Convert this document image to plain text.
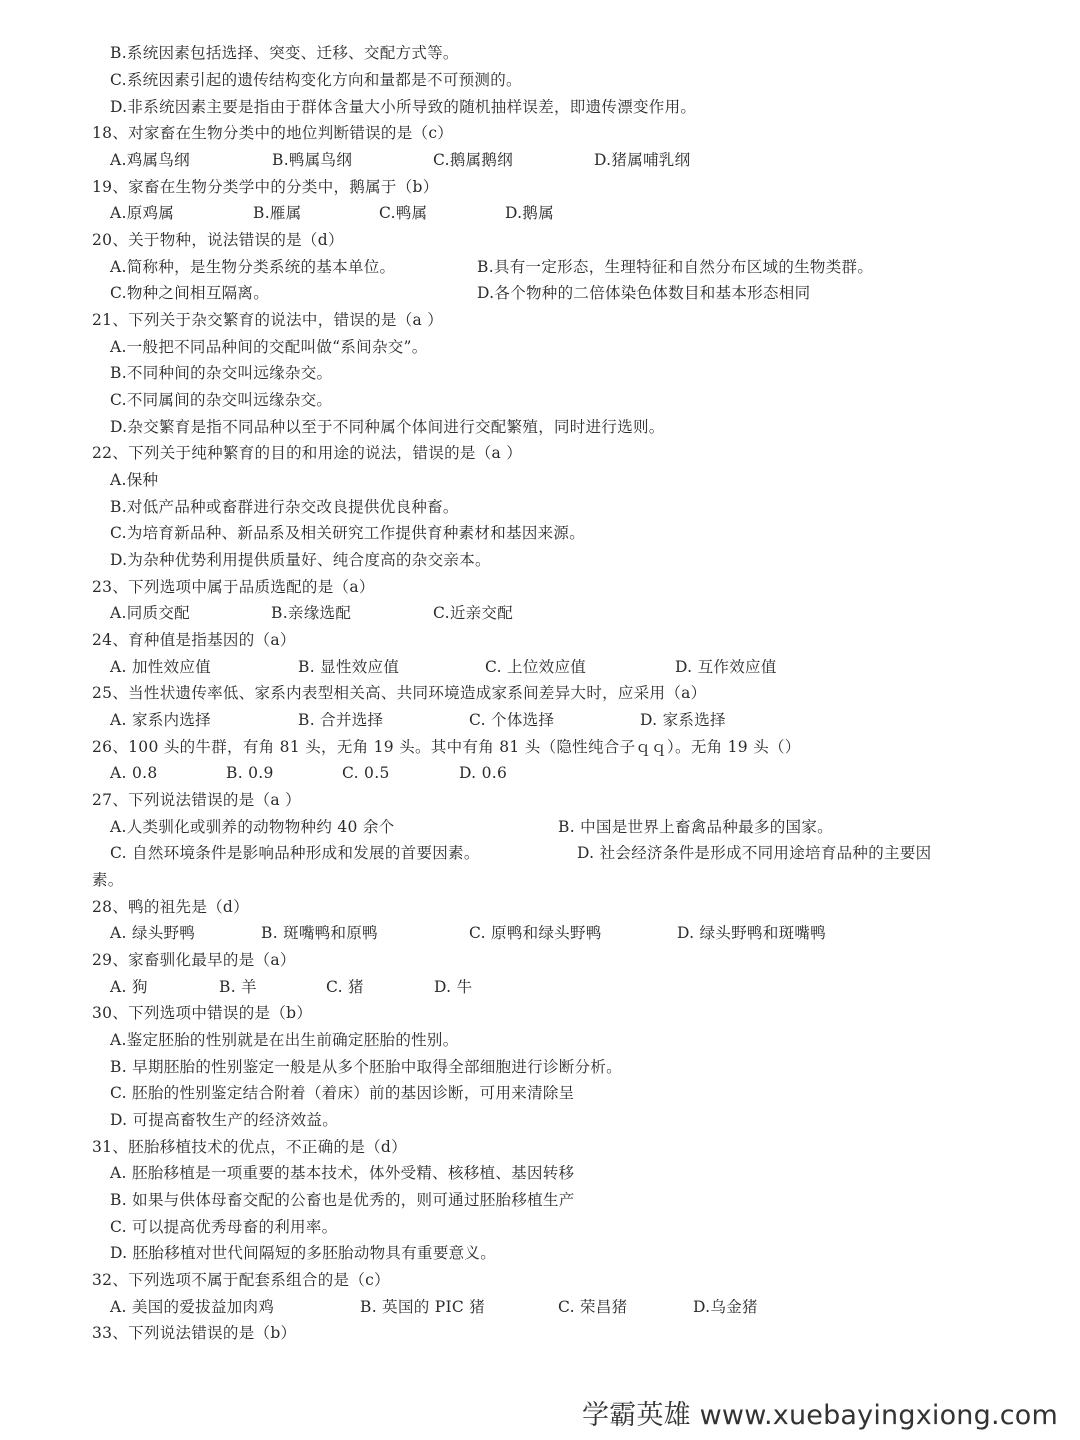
B.系统因素包括选择、突变、迁移、交配方式等。
C.系统因素引起的遗传结构变化方向和量都是不可预测的。
D.非系统因素主要是指由于群体含量大小所导致的随机抽样误差，即遗传漂变作用。
18、对家畜在生物分类中的地位判断错误的是（c）
A.鸡属鸟纲	B.鸭属鸟纲	C.鹅属鹅纲	D.猪属哺乳纲
19、家畜在生物分类学中的分类中，鹅属于（b）
A.原鸡属	B.雁属	C.鸭属	D.鹅属
20、关于物种，说法错误的是（d）
A.简称种，是生物分类系统的基本单位。	B.具有一定形态，生理特征和自然分布区域的生物类群。
C.物种之间相互隔离。	D.各个物种的二倍体染色体数目和基本形态相同
21、下列关于杂交繁育的说法中，错误的是（a ）
A.一般把不同品种间的交配叫做“系间杂交”。
B.不同种间的杂交叫远缘杂交。
C.不同属间的杂交叫远缘杂交。
D.杂交繁育是指不同品种以至于不同种属个体间进行交配繁殖，同时进行选则。
22、下列关于纯种繁育的目的和用途的说法，错误的是（a ）
A.保种
B.对低产品种或畜群进行杂交改良提供优良种畜。
C.为培育新品种、新品系及相关研究工作提供育种素材和基因来源。
D.为杂种优势利用提供质量好、纯合度高的杂交亲本。
23、下列选项中属于品质选配的是（a）
A.同质交配	B.亲缘选配	C.近亲交配
24、育种值是指基因的（a）
A. 加性效应值	B. 显性效应值	C. 上位效应值	D. 互作效应值
25、当性状遗传率低、家系内表型相关高、共同环境造成家系间差异大时，应采用（a）
A. 家系内选择	B. 合并选择	C. 个体选择	D. 家系选择
26、100 头的牛群，有角 81 头，无角 19 头。其中有角 81 头（隐性纯合子ｑｑ）。无角 19 头（）
A. 0.8	B. 0.9	C. 0.5	D. 0.6
27、下列说法错误的是（a ）
A.人类驯化或驯养的动物物种约 40 余个	B. 中国是世界上畜禽品种最多的国家。
C. 自然环境条件是影响品种形成和发展的首要因素。	D. 社会经济条件是形成不同用途培育品种的主要因
素。
28、鸭的祖先是（d）
A. 绿头野鸭	B. 斑嘴鸭和原鸭	C. 原鸭和绿头野鸭	D. 绿头野鸭和斑嘴鸭
29、家畜驯化最早的是（a）
A. 狗	B. 羊	C. 猪	D. 牛
30、下列选项中错误的是（b）
A.鉴定胚胎的性别就是在出生前确定胚胎的性别。
B. 早期胚胎的性别鉴定一般是从多个胚胎中取得全部细胞进行诊断分析。
C. 胚胎的性别鉴定结合附着（着床）前的基因诊断，可用来清除呈
D. 可提高畜牧生产的经济效益。
31、胚胎移植技术的优点，不正确的是（d）
A. 胚胎移植是一项重要的基本技术，体外受精、核移植、基因转移
B. 如果与供体母畜交配的公畜也是优秀的，则可通过胚胎移植生产
C. 可以提高优秀母畜的利用率。
D. 胚胎移植对世代间隔短的多胚胎动物具有重要意义。
32、下列选项不属于配套系组合的是（c）
A. 美国的爱拔益加肉鸡	B. 英国的 PIC 猪	C. 荣昌猪	D.乌金猪
33、下列说法错误的是（b）
学霸英雄 www.xuebayingxiong.com
